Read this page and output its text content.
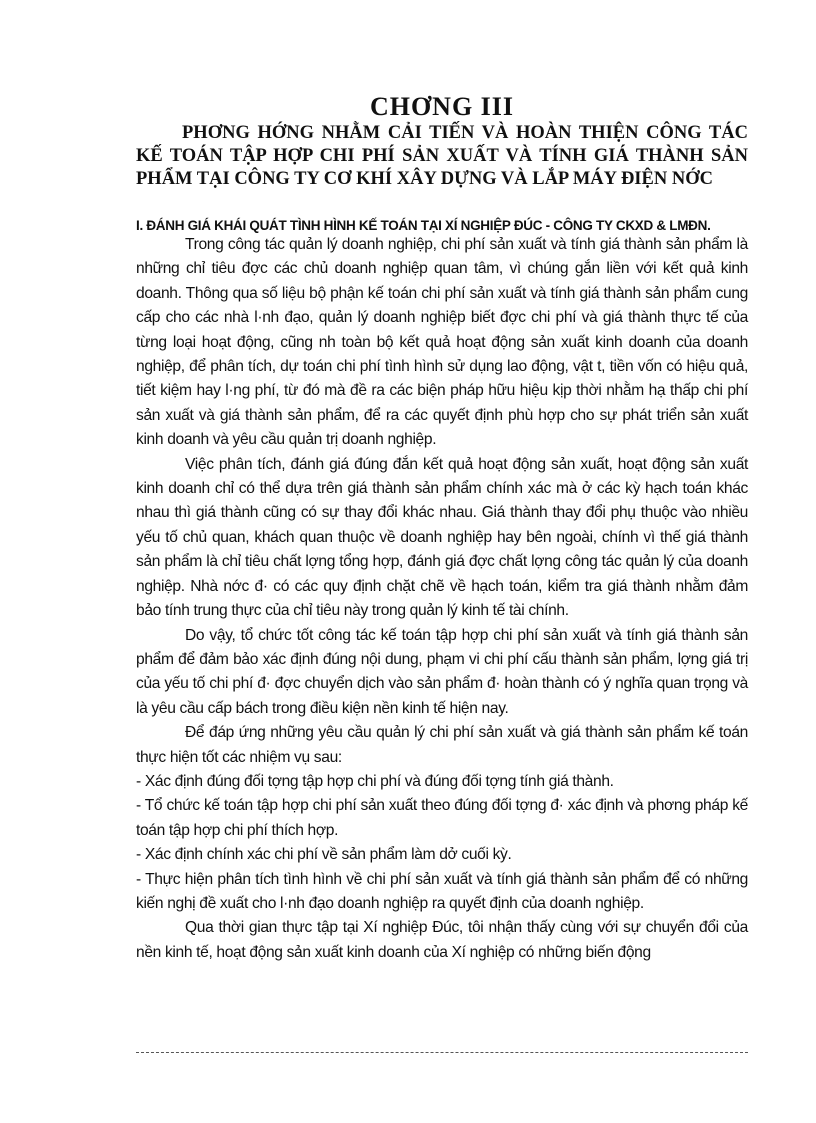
CHƠNG III
PHƠNG HỚNG NHẰM CẢI TIẾN VÀ HOÀN THIỆN CÔNG TÁC KẾ TOÁN TẬP HỢP CHI PHÍ SẢN XUẤT VÀ TÍNH GIÁ THÀNH SẢN PHẨM TẠI CÔNG TY CƠ KHÍ XÂY DỰNG VÀ LẮP MÁY ĐIỆN NỚC
I. ĐÁNH GIÁ KHÁI QUÁT TÌNH HÌNH KẾ TOÁN TẠI XÍ NGHIỆP ĐÚC - CÔNG TY CKXD & LMĐN.

Trong công tác quản lý doanh nghiệp, chi phí sản xuất và tính giá thành sản phẩm là những chỉ tiêu đợc các chủ doanh nghiệp quan tâm, vì chúng gắn liền với kết quả kinh doanh. Thông qua số liệu bộ phận kế toán chi phí sản xuất và tính giá thành sản phẩm cung cấp cho các nhà l·nh đạo, quản lý doanh nghiệp biết đợc chi phí và giá thành thực tế của từng loại hoạt động, cũng nh toàn bộ kết quả hoạt động sản xuất kinh doanh của doanh nghiệp, để phân tích, dự toán chi phí tình hình sử dụng lao động, vật t, tiền vốn có hiệu quả, tiết kiệm hay l·ng phí, từ đó mà đề ra các biện pháp hữu hiệu kịp thời nhằm hạ thấp chi phí sản xuất và giá thành sản phẩm, để ra các quyết định phù hợp cho sự phát triển sản xuất kinh doanh và yêu cầu quản trị doanh nghiệp.

Việc phân tích, đánh giá đúng đắn kết quả hoạt động sản xuất, hoạt động sản xuất kinh doanh chỉ có thể dựa trên giá thành sản phẩm chính xác mà ở các kỳ hạch toán khác nhau thì giá thành cũng có sự thay đổi khác nhau. Giá thành thay đổi phụ thuộc vào nhiều yếu tố chủ quan, khách quan thuộc về doanh nghiệp hay bên ngoài, chính vì thế giá thành sản phẩm là chỉ tiêu chất lợng tổng hợp, đánh giá đợc chất lợng công tác quản lý của doanh nghiệp. Nhà nớc đ· có các quy định chặt chẽ về hạch toán, kiểm tra giá thành nhằm đảm bảo tính trung thực của chỉ tiêu này trong quản lý kinh tế tài chính.

Do vậy, tổ chức tốt công tác kế toán tập hợp chi phí sản xuất và tính giá thành sản phẩm để đảm bảo xác định đúng nội dung, phạm vi chi phí cấu thành sản phẩm, lợng giá trị của yếu tố chi phí đ· đợc chuyển dịch vào sản phẩm đ· hoàn thành có ý nghĩa quan trọng và là yêu cầu cấp bách trong điều kiện nền kinh tế hiện nay.

Để đáp ứng những yêu cầu quản lý chi phí sản xuất và giá thành sản phẩm kế toán thực hiện tốt các nhiệm vụ sau:

- Xác định đúng đối tợng tập hợp chi phí và đúng đối tợng tính giá thành.

- Tổ chức kế toán tập hợp chi phí sản xuất theo đúng đối tợng đ· xác định và phơng pháp kế toán tập hợp chi phí thích hợp.

- Xác định chính xác chi phí về sản phẩm làm dở cuối kỳ.

- Thực hiện phân tích tình hình về chi phí sản xuất và tính giá thành sản phẩm để có những kiến nghị đề xuất cho l·nh đạo doanh nghiệp ra quyết định của doanh nghiệp.

Qua thời gian thực tập tại Xí nghiệp Đúc, tôi nhận thấy cùng với sự chuyển đổi của nền kinh tế, hoạt động sản xuất kinh doanh của Xí nghiệp có những biến động
